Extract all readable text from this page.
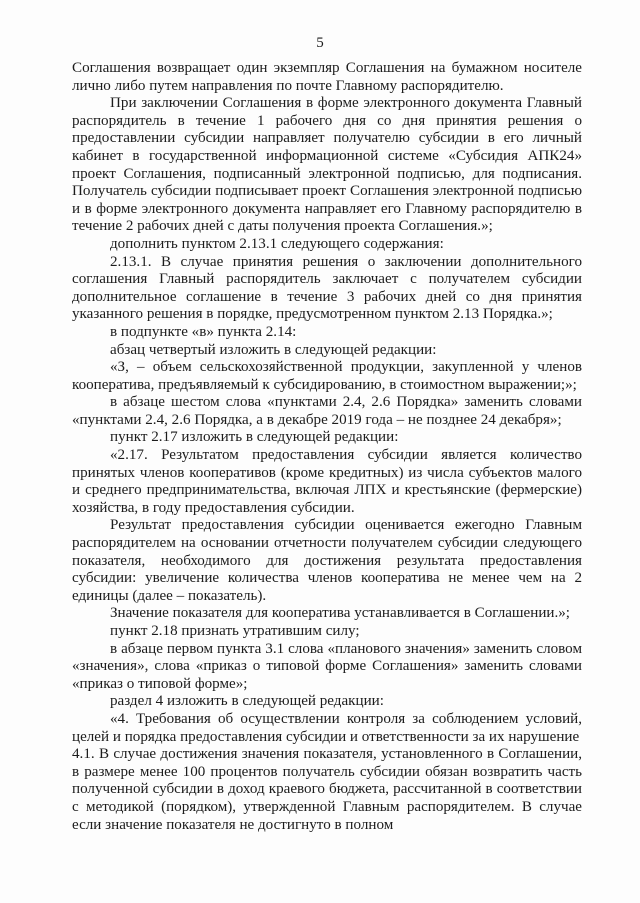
5

Соглашения возвращает один экземпляр Соглашения на бумажном носителе лично либо путем направления по почте Главному распорядителю.

При заключении Соглашения в форме электронного документа Главный распорядитель в течение 1 рабочего дня со дня принятия решения о предоставлении субсидии направляет получателю субсидии в его личный кабинет в государственной информационной системе «Субсидия АПК24» проект Соглашения, подписанный электронной подписью, для подписания. Получатель субсидии подписывает проект Соглашения электронной подписью и в форме электронного документа направляет его Главному распорядителю в течение 2 рабочих дней с даты получения проекта Соглашения.»;

дополнить пунктом 2.13.1 следующего содержания:

2.13.1. В случае принятия решения о заключении дополнительного соглашения Главный распорядитель заключает с получателем субсидии дополнительное соглашение в течение 3 рабочих дней со дня принятия указанного решения в порядке, предусмотренном пунктом 2.13 Порядка.»;

в подпункте «в» пункта 2.14:

абзац четвертый изложить в следующей редакции:

«З, – объем сельскохозяйственной продукции, закупленной у членов кооператива, предъявляемый к субсидированию, в стоимостном выражении;»;

в абзаце шестом слова «пунктами 2.4, 2.6 Порядка» заменить словами «пунктами 2.4, 2.6 Порядка, а в декабре 2019 года – не позднее 24 декабря»;

пункт 2.17 изложить в следующей редакции:

«2.17. Результатом предоставления субсидии является количество принятых членов кооперативов (кроме кредитных) из числа субъектов малого и среднего предпринимательства, включая ЛПХ и крестьянские (фермерские) хозяйства, в году предоставления субсидии.

Результат предоставления субсидии оценивается ежегодно Главным распорядителем на основании отчетности получателем субсидии следующего показателя, необходимого для достижения результата предоставления субсидии: увеличение количества членов кооператива не менее чем на 2 единицы (далее – показатель).

Значение показателя для кооператива устанавливается в Соглашении.»;

пункт 2.18 признать утратившим силу;

в абзаце первом пункта 3.1 слова «планового значения» заменить словом «значения», слова «приказ о типовой форме Соглашения» заменить словами «приказ о типовой форме»;

раздел 4 изложить в следующей редакции:

«4. Требования об осуществлении контроля за соблюдением условий, целей и порядка предоставления субсидии и ответственности за их нарушение

4.1. В случае достижения значения показателя, установленного в Соглашении, в размере менее 100 процентов получатель субсидии обязан возвратить часть полученной субсидии в доход краевого бюджета, рассчитанной в соответствии с методикой (порядком), утвержденной Главным распорядителем. В случае если значение показателя не достигнуто в полном
